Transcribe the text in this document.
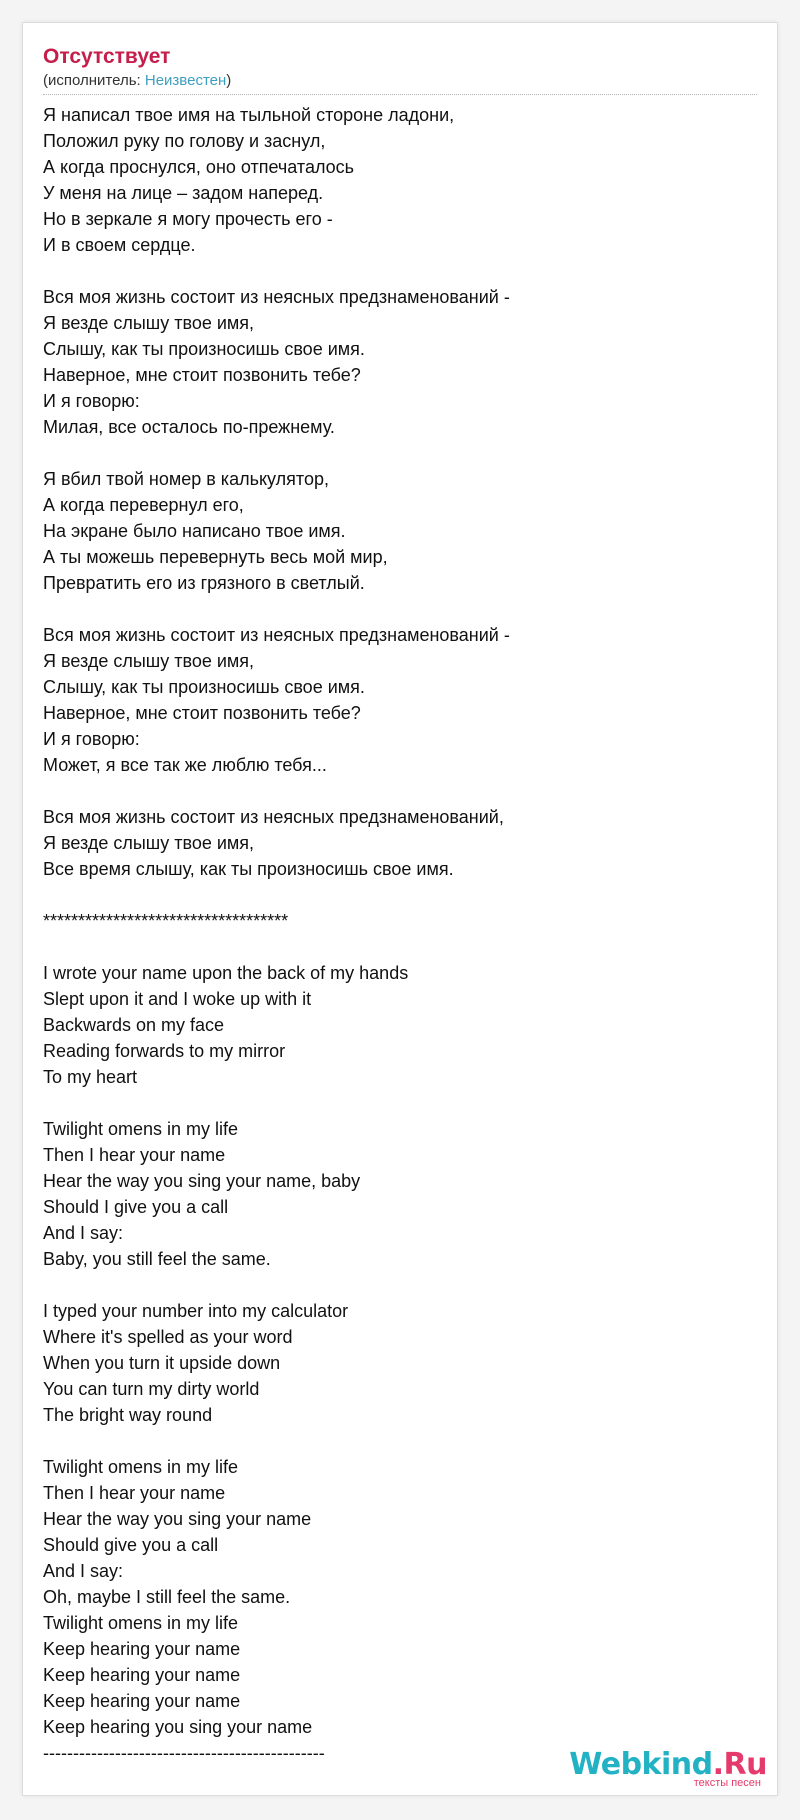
Отсутствует
(исполнитель: Неизвестен)
Я написал твое имя на тыльной стороне ладони,
Положил руку по голову и заснул,
А когда проснулся, оно отпечаталось
У меня на лице – задом наперед.
Но в зеркале я могу прочесть его -
И в своем сердце.
Вся моя жизнь состоит из неясных предзнаменований -
Я везде слышу твое имя,
Слышу, как ты произносишь свое имя.
Наверное, мне стоит позвонить тебе?
И я говорю:
Милая, все осталось по-прежнему.
Я вбил твой номер в калькулятор,
А когда перевернул его,
На экране было написано твое имя.
А ты можешь перевернуть весь мой мир,
Превратить его из грязного в светлый.
Вся моя жизнь состоит из неясных предзнаменований -
Я везде слышу твое имя,
Слышу, как ты произносишь свое имя.
Наверное, мне стоит позвонить тебе?
И я говорю:
Может, я все так же люблю тебя...
Вся моя жизнь состоит из неясных предзнаменований,
Я везде слышу твое имя,
Все время слышу, как ты произносишь свое имя.
***********************************
I wrote your name upon the back of my hands
Slept upon it and I woke up with it
Backwards on my face
Reading forwards to my mirror
To my heart
Twilight omens in my life
Then I hear your name
Hear the way you sing your name, baby
Should I give you a call
And I say:
Baby, you still feel the same.
I typed your number into my calculator
Where it's spelled as your word
When you turn it upside down
You can turn my dirty world
The bright way round
Twilight omens in my life
Then I hear your name
Hear the way you sing your name
Should give you a call
And I say:
Oh, maybe I still feel the same.
Twilight omens in my life
Keep hearing your name
Keep hearing your name
Keep hearing your name
Keep hearing you sing your name
-----------------------------------------------	Webkind.Ru
тексты песен
